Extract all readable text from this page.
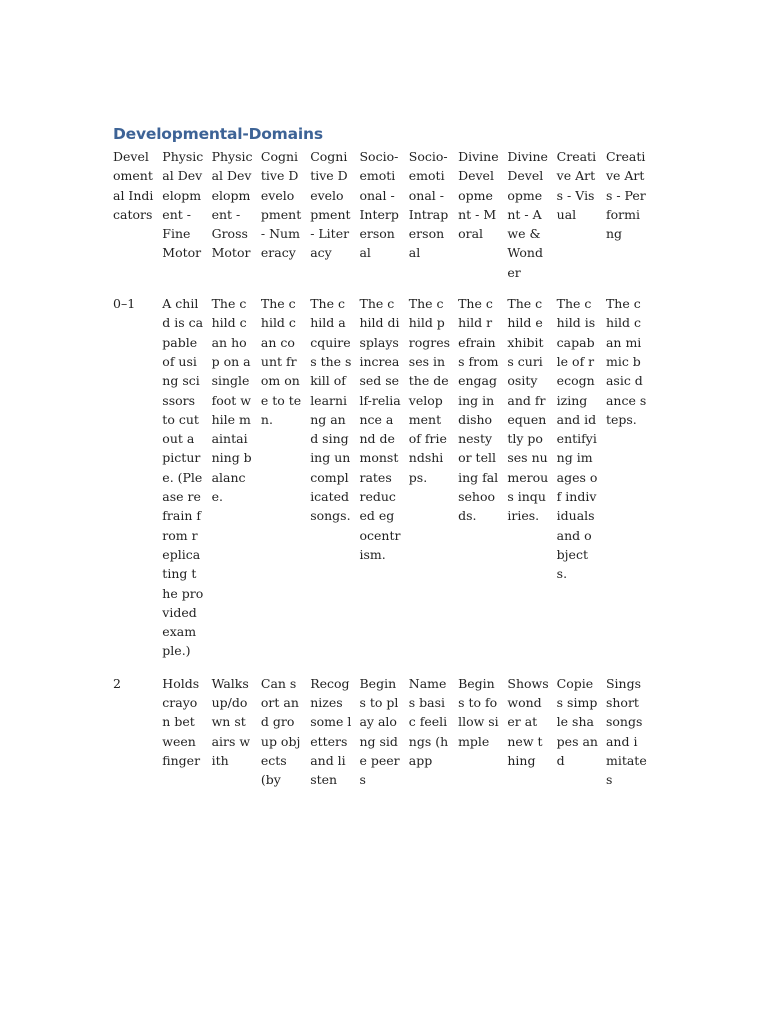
Developmental-Domains
Develomental Indicators	Physical Development - Fine Motor	Physical Development - Gross Motor	Cognitive Development - Numeracy	Cognitive Development - Literacy	Socio-emotional - Interpersonal	Socio-emotional - Intrapersonal	Divine Development - Moral	Divine Development - Awe & Wonder	Creative Arts - Visual	Creative Arts - Performing
0–1	A child is capable of using scissors to cut out a picture. (Please refrain from replicating the provided example.)	The child can hop on a single foot while maintaining balance.	The child can count from one to ten.	The child acquires the skill of learning and singing uncomplicated songs.	The child displays increased self-reliance and demonstrates reduced egocentrism.	The child progresses in the development of friendships.	The child refrains from engaging in dishonesty or telling falsehoods.	The child exhibits curiosity and frequently poses numerous inquiries.	The child is capable of recognizing and identifying images of individuals and objects.	The child can mimic basic dance steps.
2	Holds crayon between finger	Walks up/down stairs with	Can sort and group objects (by	Recognizes some letters and listen	Begins to play along side peers	Names basic feelings (happ	Begins to follow simple	Shows wonder at new thing	Copies simple shapes and	Sings short songs and imitates
